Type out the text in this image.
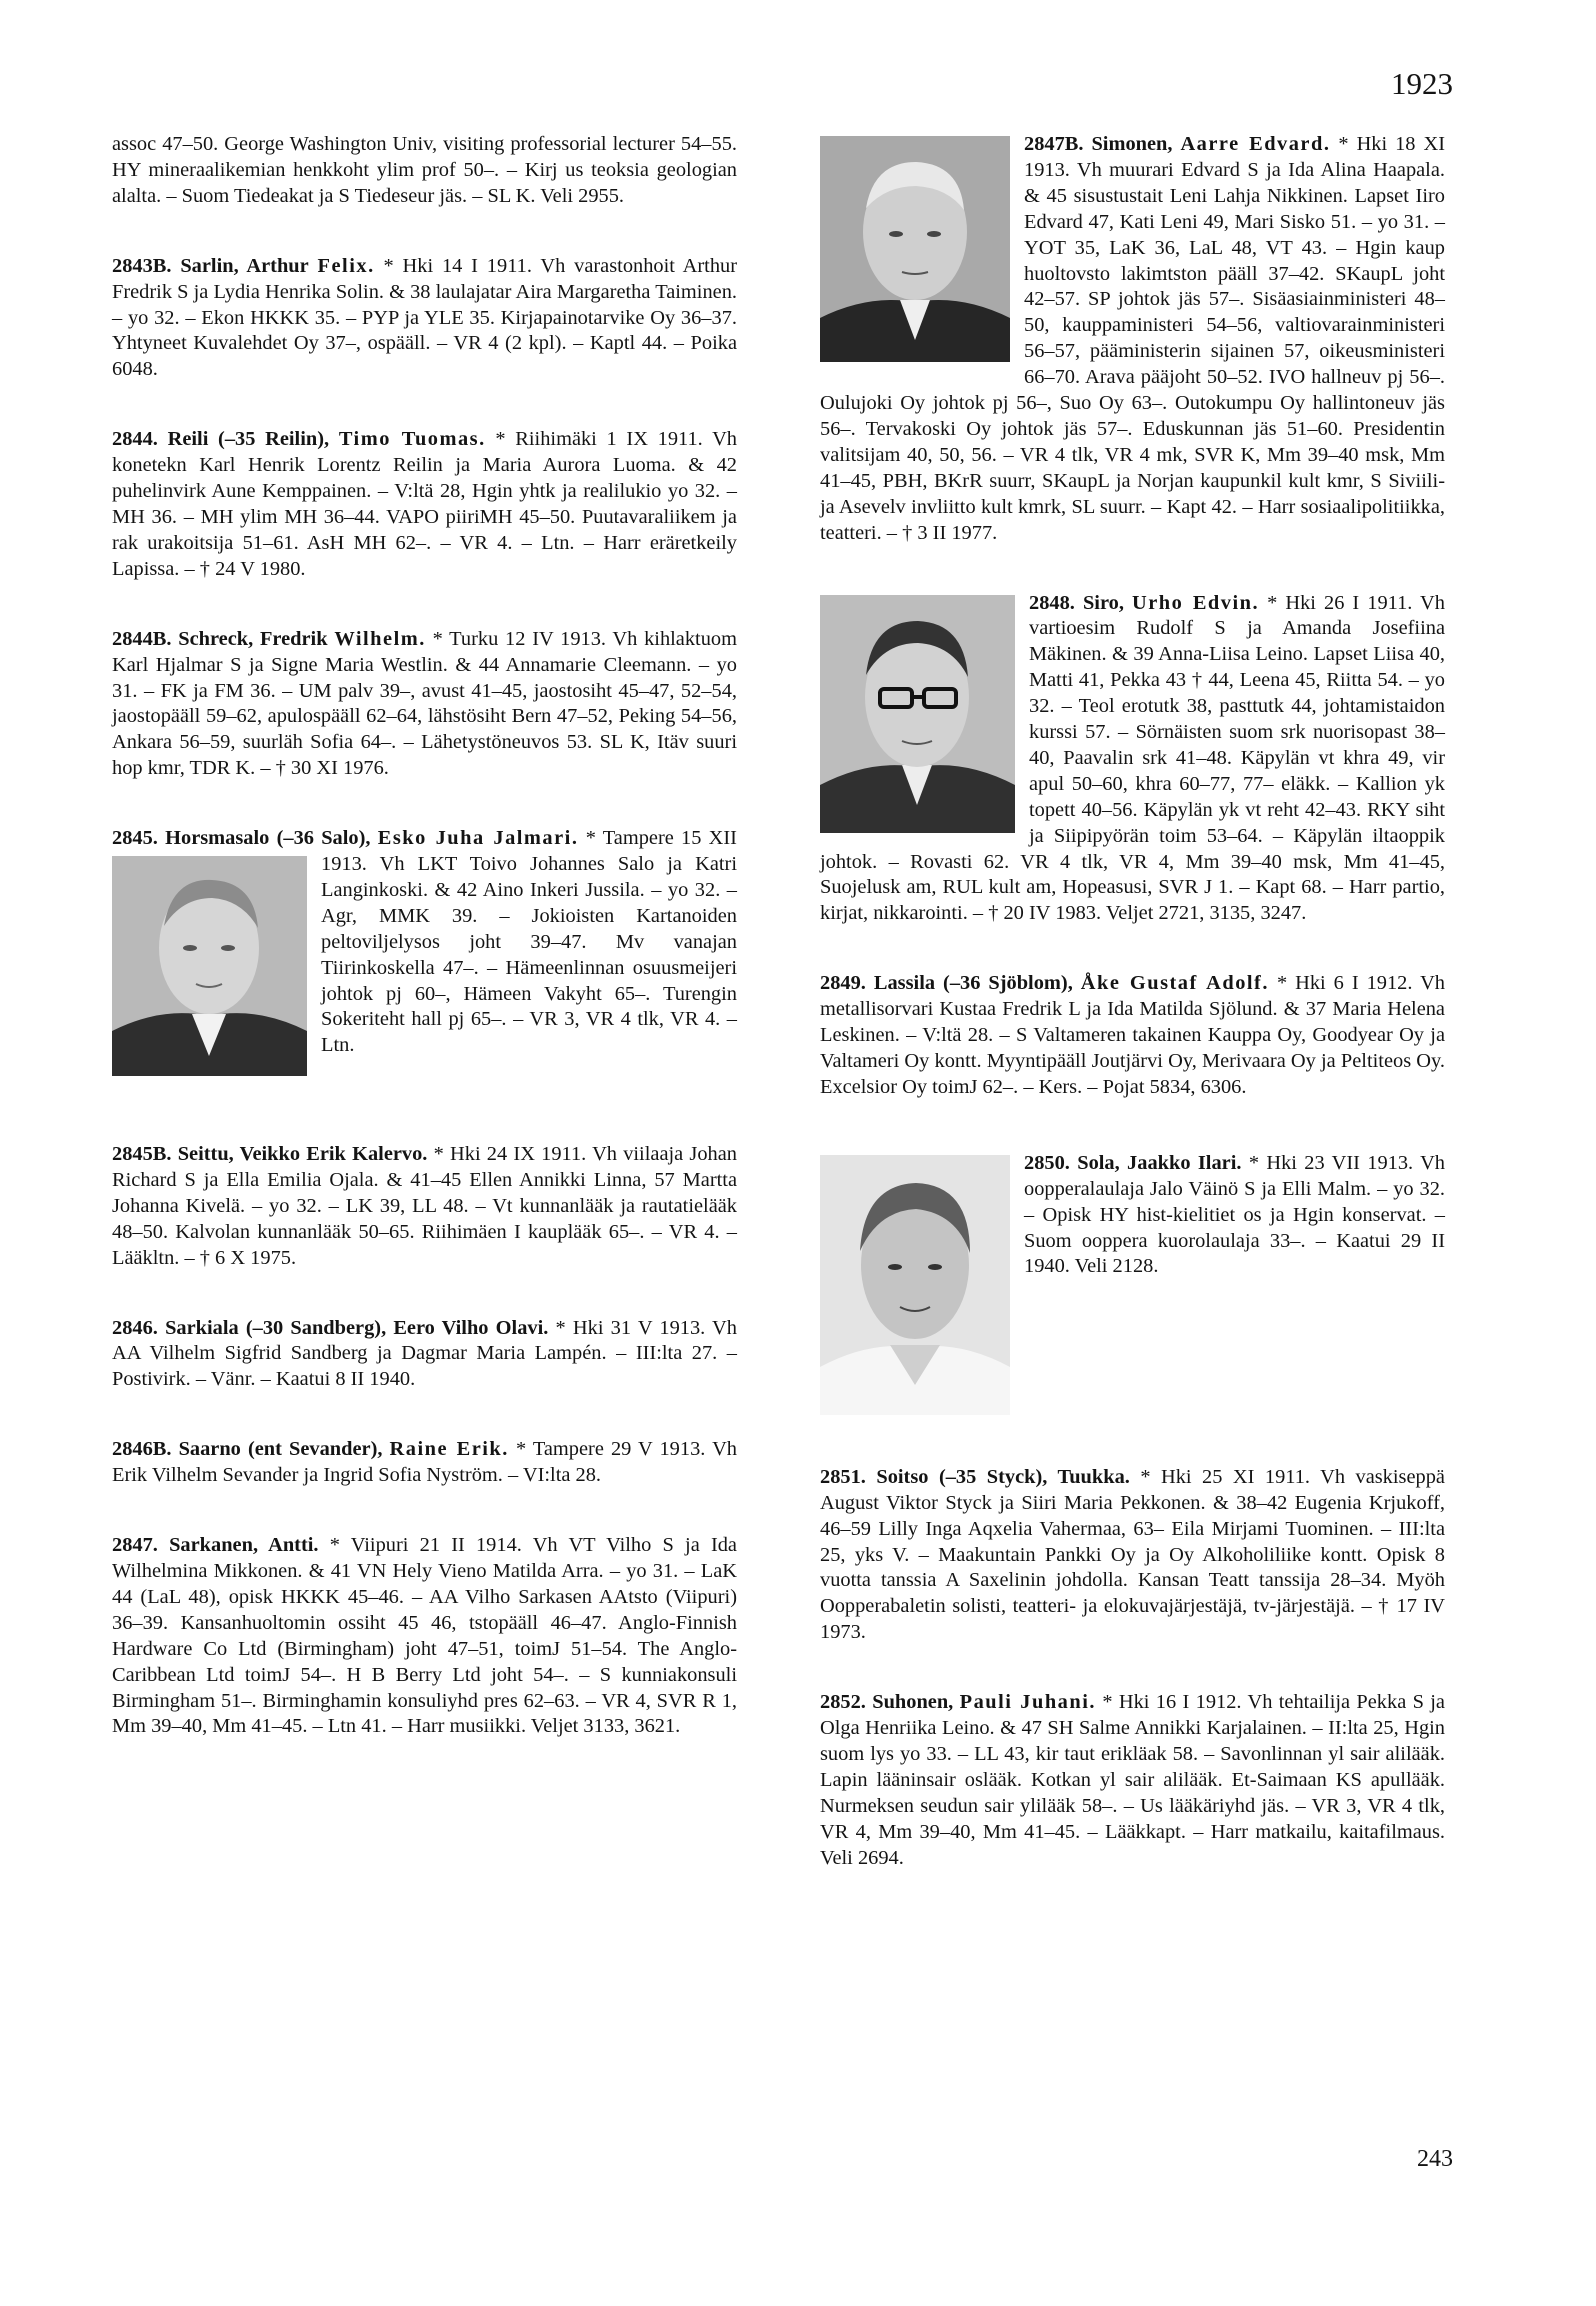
1923
assoc 47–50. George Washington Univ, visiting professorial lecturer 54–55. HY mineraalikemian henkkoht ylim prof 50–. – Kirj us teoksia geologian alalta. – Suom Tiedeakat ja S Tiedeseur jäs. – SL K. Veli 2955.
2843B. Sarlin, Arthur Felix. * Hki 14 I 1911. Vh varastonhoit Arthur Fredrik S ja Lydia Henrika Solin. & 38 laulajatar Aira Margaretha Taiminen. – yo 32. – Ekon HKKK 35. – PYP ja YLE 35. Kirjapainotarvike Oy 36–37. Yhtyneet Kuvalehdet Oy 37–, ospääll. – VR 4 (2 kpl). – Kaptl 44. – Poika 6048.
2844. Reili (–35 Reilin), Timo Tuomas. * Riihimäki 1 IX 1911. Vh konetekn Karl Henrik Lorentz Reilin ja Maria Aurora Luoma. & 42 puhelinvirk Aune Kemppainen. – V:ltä 28, Hgin yhtk ja realilukio yo 32. – MH 36. – MH ylim MH 36–44. VAPO piiriMH 45–50. Puutavaraliikem ja rak urakoitsija 51–61. AsH MH 62–. – VR 4. – Ltn. – Harr eräretkeily Lapissa. – † 24 V 1980.
2844B. Schreck, Fredrik Wilhelm. * Turku 12 IV 1913. Vh kihlaktuom Karl Hjalmar S ja Signe Maria Westlin. & 44 Annamarie Cleemann. – yo 31. – FK ja FM 36. – UM palv 39–, avust 41–45, jaostosiht 45–47, 52–54, jaostopääll 59–62, apulospääll 62–64, lähstösiht Bern 47–52, Peking 54–56, Ankara 56–59, suurläh Sofia 64–. – Lähetystöneuvos 53. SL K, Itäv suuri hop kmr, TDR K. – † 30 XI 1976.
2845. Horsmasalo (–36 Salo), Esko Juha Jalmari. * Tampere 15 XII 1913. Vh LKT Toivo Johannes Salo ja Katri Langinkoski. & 42 Aino Inkeri Jussila. – yo 32. – Agr, MMK 39. – Jokioisten Kartanoiden peltoviljelysos joht 39–47. Mv vanajan Tiirinkoskella 47–. – Hämeenlinnan osuusmeijeri johtok pj 60–, Hämeen Vakyht 65–. Turengin Sokeriteht hall pj 65–. – VR 3, VR 4 tlk, VR 4. – Ltn.
2845B. Seittu, Veikko Erik Kalervo. * Hki 24 IX 1911. Vh viilaaja Johan Richard S ja Ella Emilia Ojala. & 41–45 Ellen Annikki Linna, 57 Martta Johanna Kivelä. – yo 32. – LK 39, LL 48. – Vt kunnanlääk ja rautatielääk 48–50. Kalvolan kunnanlääk 50–65. Riihimäen I kauplääk 65–. – VR 4. – Lääkltn. – † 6 X 1975.
2846. Sarkiala (–30 Sandberg), Eero Vilho Olavi. * Hki 31 V 1913. Vh AA Vilhelm Sigfrid Sandberg ja Dagmar Maria Lampén. – III:lta 27. – Postivirk. – Vänr. – Kaatui 8 II 1940.
2846B. Saarno (ent Sevander), Raine Erik. * Tampere 29 V 1913. Vh Erik Vilhelm Sevander ja Ingrid Sofia Nyström. – VI:lta 28.
2847. Sarkanen, Antti. * Viipuri 21 II 1914. Vh VT Vilho S ja Ida Wilhelmina Mikkonen. & 41 VN Hely Vieno Matilda Arra. – yo 31. – LaK 44 (LaL 48), opisk HKKK 45–46. – AA Vilho Sarkasen AAtsto (Viipuri) 36–39. Kansanhuoltomin ossiht 45 46, tstopääll 46–47. Anglo-Finnish Hardware Co Ltd (Birmingham) joht 47–51, toimJ 51–54. The Anglo-Caribbean Ltd toimJ 54–. H B Berry Ltd joht 54–. – S kunniakonsuli Birmingham 51–. Birminghamin konsuliyhd pres 62–63. – VR 4, SVR R 1, Mm 39–40, Mm 41–45. – Ltn 41. – Harr musiikki. Veljet 3133, 3621.
2847B. Simonen, Aarre Edvard. * Hki 18 XI 1913. Vh muurari Edvard S ja Ida Alina Haapala. & 45 sisustustait Leni Lahja Nikkinen. Lapset Iiro Edvard 47, Kati Leni 49, Mari Sisko 51. – yo 31. – YOT 35, LaK 36, LaL 48, VT 43. – Hgin kaup huoltovsto lakimtston pääll 37–42. SKaupL joht 42–57. SP johtok jäs 57–. Sisäasiainministeri 48–50, kauppaministeri 54–56, valtiovarainministeri 56–57, pääministerin sijainen 57, oikeusministeri 66–70. Arava pääjoht 50–52. IVO hallneuv pj 56–. Oulujoki Oy johtok pj 56–, Suo Oy 63–. Outokumpu Oy hallintoneuv jäs 56–. Tervakoski Oy johtok jäs 57–. Eduskunnan jäs 51–60. Presidentin valitsijam 40, 50, 56. – VR 4 tlk, VR 4 mk, SVR K, Mm 39–40 msk, Mm 41–45, PBH, BKrR suurr, SKaupL ja Norjan kaupunkil kult kmr, S Siviili- ja Asevelv invliitto kult kmrk, SL suurr. – Kapt 42. – Harr sosiaalipolitiikka, teatteri. – † 3 II 1977.
2848. Siro, Urho Edvin. * Hki 26 I 1911. Vh vartioesim Rudolf S ja Amanda Josefiina Mäkinen. & 39 Anna-Liisa Leino. Lapset Liisa 40, Matti 41, Pekka 43 † 44, Leena 45, Riitta 54. – yo 32. – Teol erotutk 38, pasttutk 44, johtamistaidon kurssi 57. – Sörnäisten suom srk nuorisopast 38–40, Paavalin srk 41–48. Käpylän vt khra 49, vir apul 50–60, khra 60–77, 77– eläkk. – Kallion yk topett 40–56. Käpylän yk vt reht 42–43. RKY siht ja Siipipyörän toim 53–64. – Käpylän iltaoppik johtok. – Rovasti 62. VR 4 tlk, VR 4, Mm 39–40 msk, Mm 41–45, Suojelusk am, RUL kult am, Hopeasusi, SVR J 1. – Kapt 68. – Harr partio, kirjat, nikkarointi. – † 20 IV 1983. Veljet 2721, 3135, 3247.
2849. Lassila (–36 Sjöblom), Åke Gustaf Adolf. * Hki 6 I 1912. Vh metallisorvari Kustaa Fredrik L ja Ida Matilda Sjölund. & 37 Maria Helena Leskinen. – V:ltä 28. – S Valtameren takainen Kauppa Oy, Goodyear Oy ja Valtameri Oy kontt. Myyntipääll Joutjärvi Oy, Merivaara Oy ja Peltiteos Oy. Excelsior Oy toimJ 62–. – Kers. – Pojat 5834, 6306.
2850. Sola, Jaakko Ilari. * Hki 23 VII 1913. Vh oopperalaulaja Jalo Väinö S ja Elli Malm. – yo 32. – Opisk HY hist-kielitiet os ja Hgin konservat. – Suom ooppera kuorolaulaja 33–. – Kaatui 29 II 1940. Veli 2128.
2851. Soitso (–35 Styck), Tuukka. * Hki 25 XI 1911. Vh vaskiseppä August Viktor Styck ja Siiri Maria Pekkonen. & 38–42 Eugenia Krjukoff, 46–59 Lilly Inga Aqxelia Vahermaa, 63– Eila Mirjami Tuominen. – III:lta 25, yks V. – Maakuntain Pankki Oy ja Oy Alkoholiliike kontt. Opisk 8 vuotta tanssia A Saxelinin johdolla. Kansan Teatt tanssija 28–34. Myöh Oopperabaletin solisti, teatteri- ja elokuvajärjestäjä, tv-järjestäjä. – † 17 IV 1973.
2852. Suhonen, Pauli Juhani. * Hki 16 I 1912. Vh tehtailija Pekka S ja Olga Henriika Leino. & 47 SH Salme Annikki Karjalainen. – II:lta 25, Hgin suom lys yo 33. – LL 43, kir taut erikläak 58. – Savonlinnan yl sair alilääk. Lapin lääninsair oslääk. Kotkan yl sair alilääk. Et-Saimaan KS apullääk. Nurmeksen seudun sair ylilääk 58–. – Us lääkäriyhd jäs. – VR 3, VR 4 tlk, VR 4, Mm 39–40, Mm 41–45. – Lääkkapt. – Harr matkailu, kaitafilmaus. Veli 2694.
243
